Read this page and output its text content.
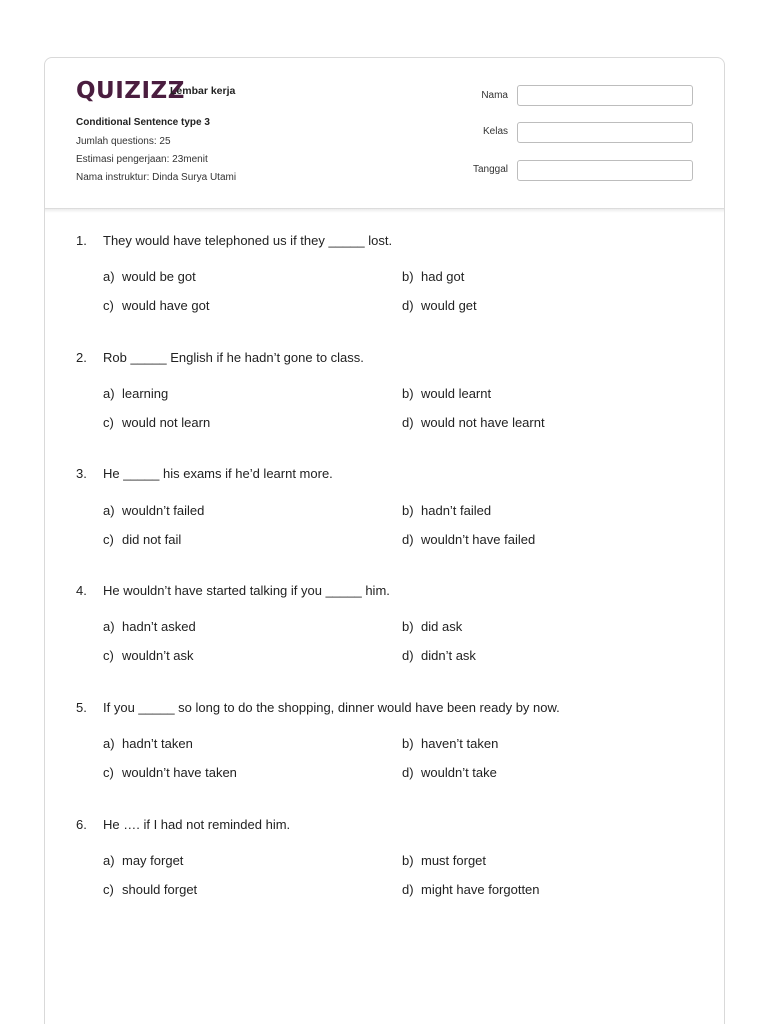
QUIZIZZ
Lembar kerja
Conditional Sentence type 3
Jumlah questions: 25
Estimasi pengerjaan: 23menit
Nama instruktur: Dinda Surya Utami
Nama
Kelas
Tanggal
1. They would have telephoned us if they _____ lost.
a) would be got	b) had got
c) would have got	d) would get
2. Rob _____ English if he hadn’t gone to class.
a) learning	b) would learnt
c) would not learn	d) would not have learnt
3. He _____ his exams if he’d learnt more.
a) wouldn’t failed	b) hadn’t failed
c) did not fail	d) wouldn’t have failed
4. He wouldn’t have started talking if you _____ him.
a) hadn’t asked	b) did ask
c) wouldn’t ask	d) didn’t ask
5. If you _____ so long to do the shopping, dinner would have been ready by now.
a) hadn’t taken	b) haven’t taken
c) wouldn’t have taken	d) wouldn’t take
6. He …. if I had not reminded him.
a) may forget	b) must forget
c) should forget	d) might have forgotten
